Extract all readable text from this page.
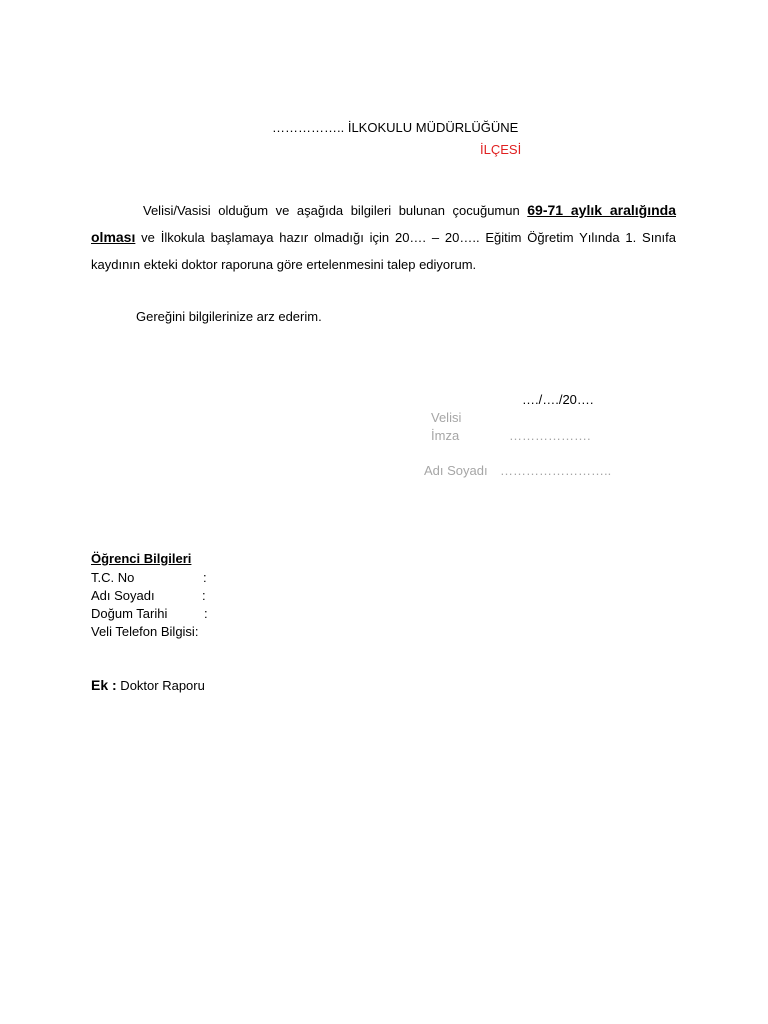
…………….. İLKOKULU MÜDÜRLÜĞÜNE
İLÇESİ
Velisi/Vasisi olduğum ve aşağıda bilgileri bulunan çocuğumun 69-71 aylık aralığında olması ve İlkokula başlamaya hazır olmadığı için 20…. – 20….. Eğitim Öğretim Yılında 1. Sınıfa kaydının ekteki doktor raporuna göre ertelenmesini talep ediyorum.
Gereğini bilgilerinize arz ederim.
…./…./20….
Velisi
İmza	……………….
Adı Soyadı ……………………..
Öğrenci Bilgileri
T.C. No	:
Adı Soyadı	:
Doğum Tarihi	:
Veli Telefon Bilgisi:
Ek : Doktor Raporu
